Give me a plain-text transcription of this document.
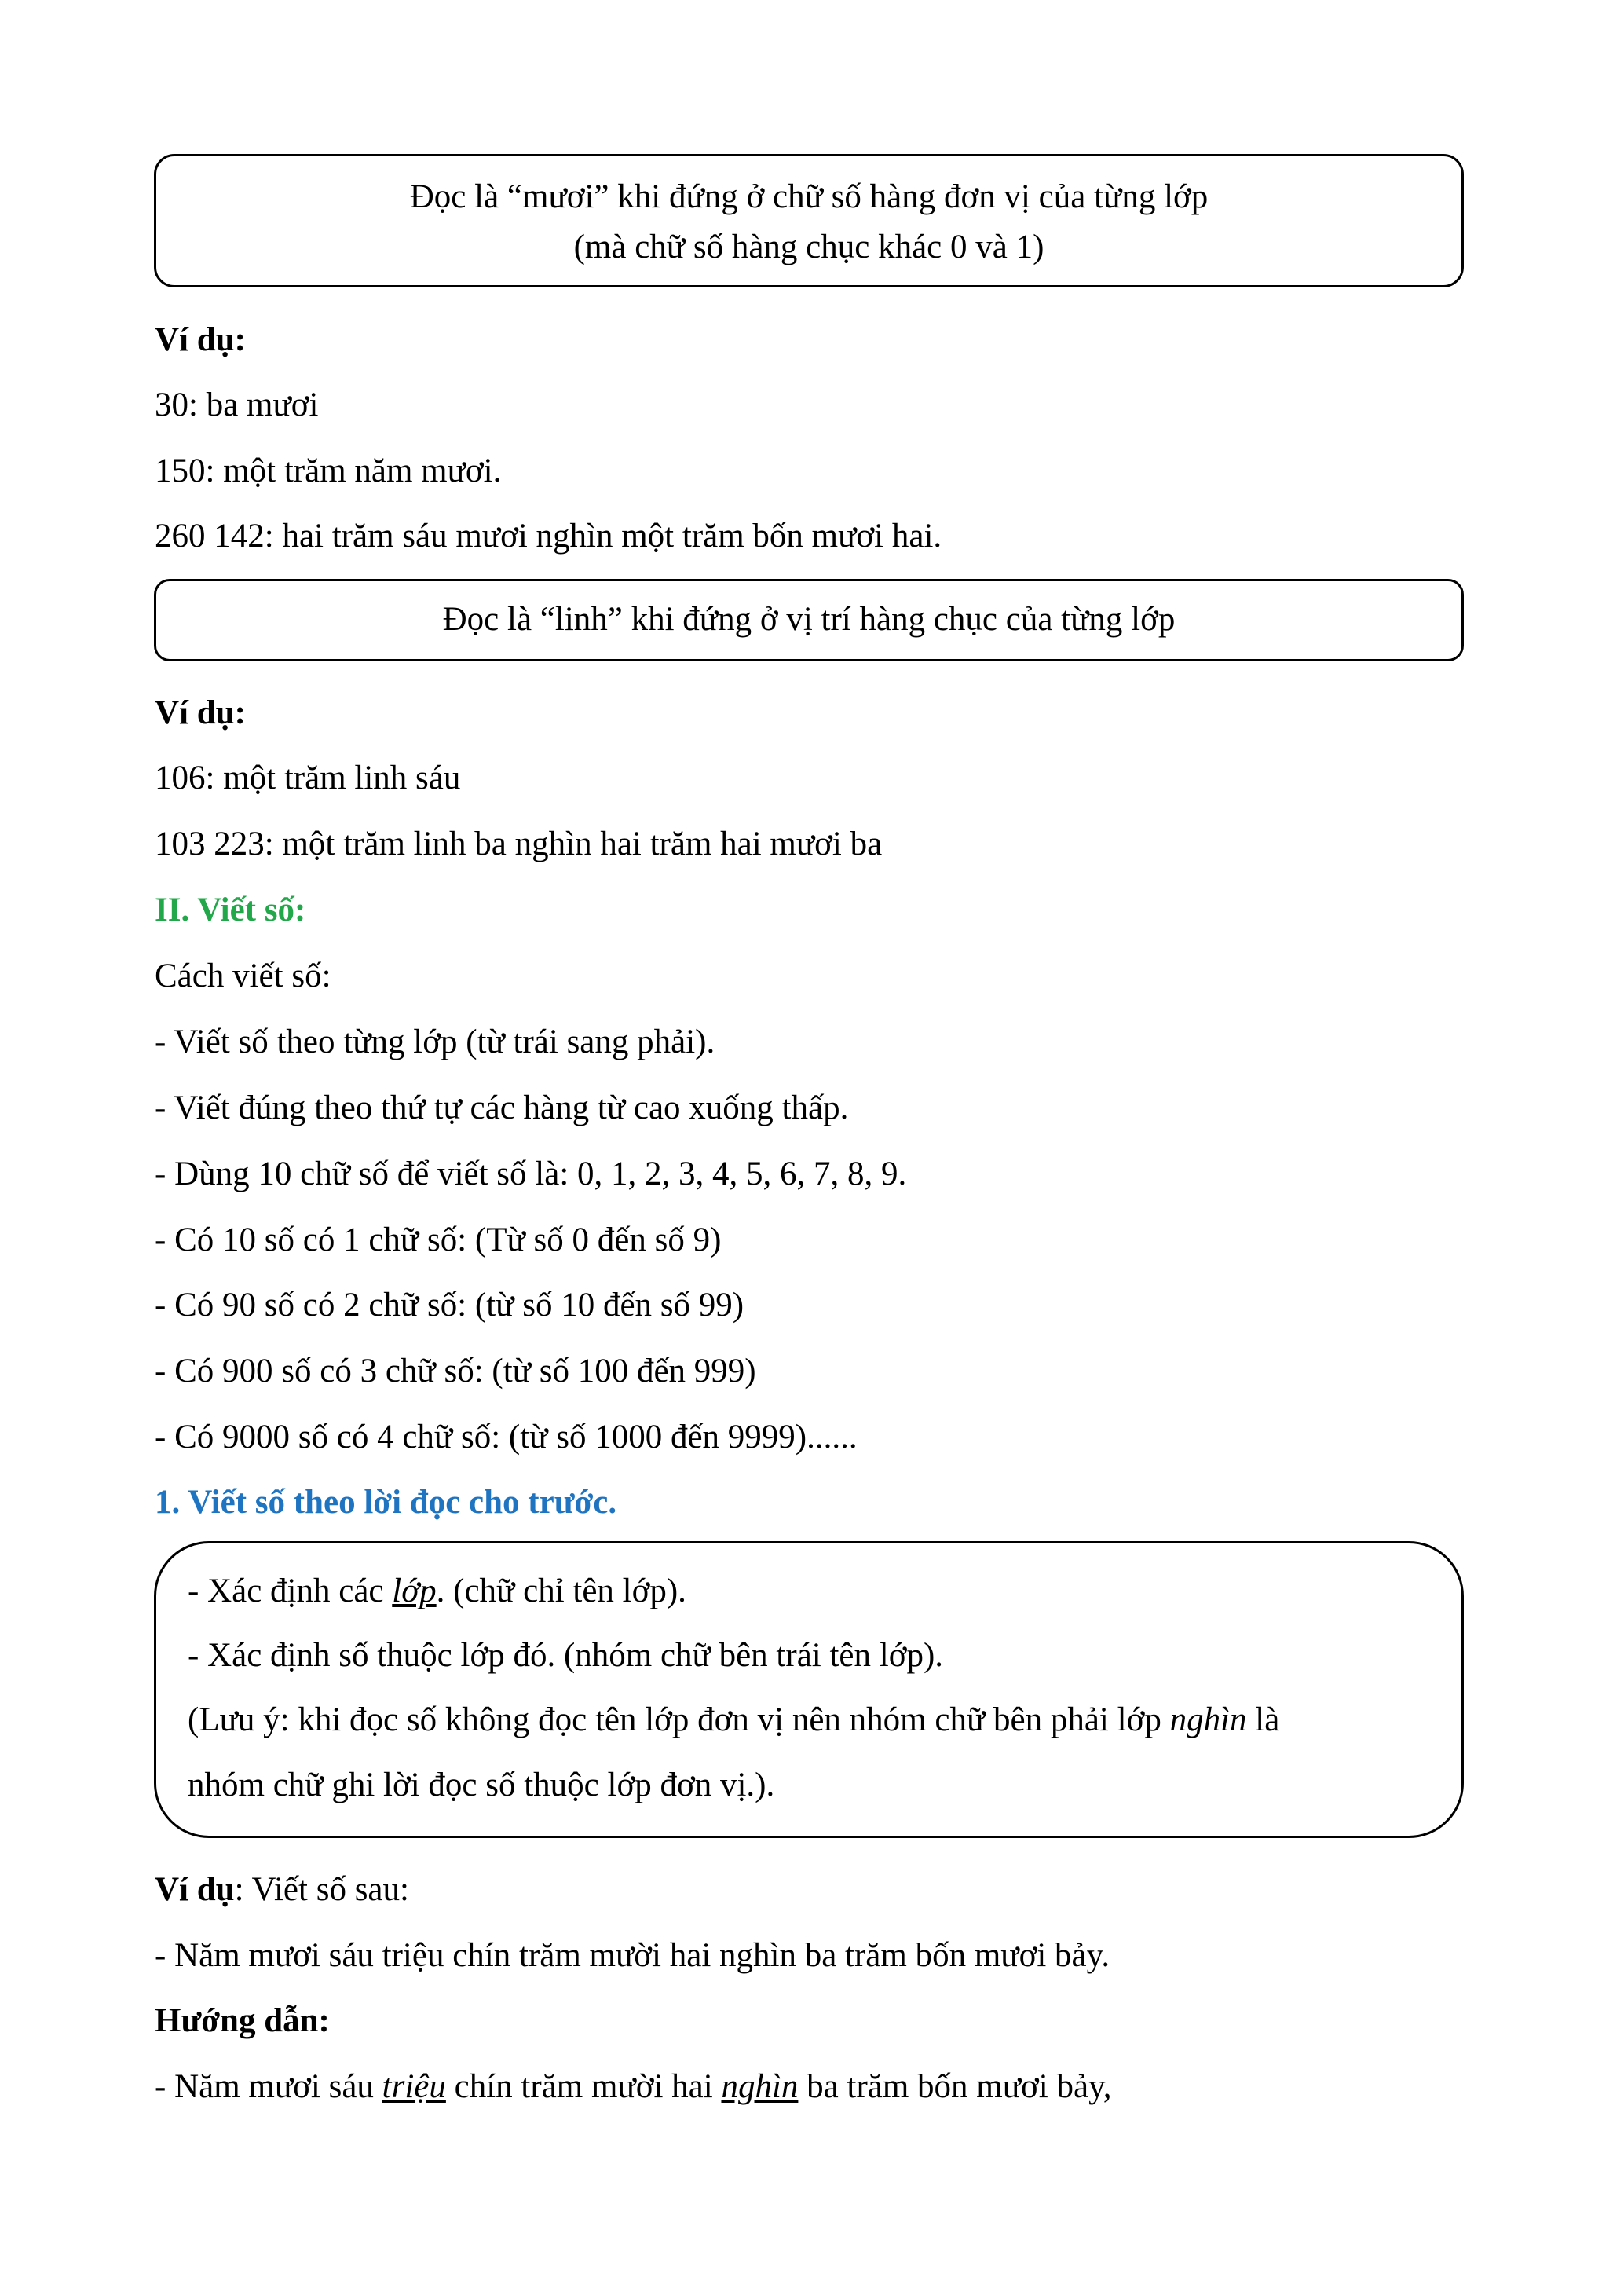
Đọc là “mươi” khi đứng ở chữ số hàng đơn vị của từng lớp
(mà chữ số hàng chục khác 0 và 1)
Ví dụ:
30: ba mươi
150: một trăm năm mươi.
260 142: hai trăm sáu mươi nghìn một trăm bốn mươi hai.
Đọc là “linh” khi đứng ở vị trí hàng chục của từng lớp
Ví dụ:
106: một trăm linh sáu
103 223: một trăm linh ba nghìn hai trăm hai mươi ba
II. Viết số:
Cách viết số:
- Viết số theo từng lớp (từ trái sang phải).
- Viết đúng theo thứ tự các hàng từ cao xuống thấp.
- Dùng 10 chữ số để viết số là: 0, 1, 2, 3, 4, 5, 6, 7, 8, 9.
- Có 10 số có 1 chữ số: (Từ số 0 đến số 9)
- Có 90 số có 2 chữ số: (từ số 10 đến số 99)
- Có 900 số có 3 chữ số: (từ số 100 đến 999)
- Có 9000 số có 4 chữ số: (từ số 1000 đến 9999)......
1. Viết số theo lời đọc cho trước.
- Xác định các lớp. (chữ chỉ tên lớp).
- Xác định số thuộc lớp đó. (nhóm chữ bên trái tên lớp).
(Lưu ý: khi đọc số không đọc tên lớp đơn vị nên nhóm chữ bên phải lớp nghìn là
nhóm chữ ghi lời đọc số thuộc lớp đơn vị.).
Ví dụ: Viết số sau:
- Năm mươi sáu triệu chín trăm mười hai nghìn ba trăm bốn mươi bảy.
Hướng dẫn:
- Năm mươi sáu triệu chín trăm mười hai nghìn ba trăm bốn mươi bảy,
